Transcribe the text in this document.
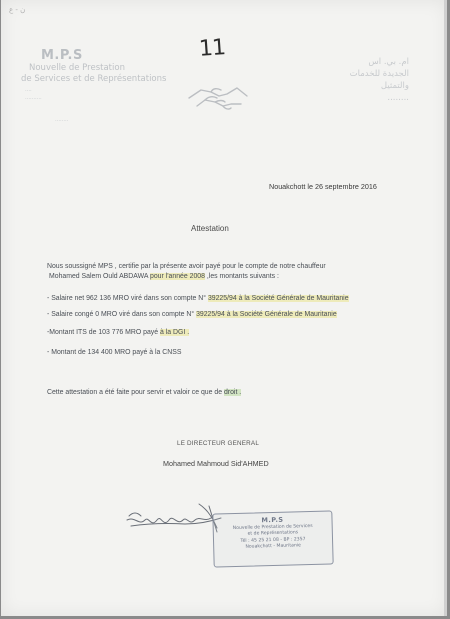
ن - ع
11
M.P.S
Nouvelle de Prestation
de Services et de Représentations
....
..........
........
ام. بي. اس
الجديدة للخدمات
والتمثيل
........
Nouakchott le 26 septembre 2016
Attestation
Nous soussigné MPS , certifie par la présente avoir payé pour le compte de notre chauffeur
Mohamed Salem Ould ABDAWA pour l'année 2008 ,les montants suivants :
- Salaire net 962 136 MRO viré dans son compte N° 39225/94 à la Société Générale de Mauritanie
- Salaire congé 0 MRO viré dans son compte N° 39225/94 à la Société Générale de Mauritanie
-Montant ITS de 103 776 MRO payé à la DGI .
- Montant de 134 400 MRO payé à la CNSS
Cette attestation a été faite pour servir et valoir ce que de droit .
LE DIRECTEUR GENERAL
Mohamed Mahmoud Sid'AHMED
M.P.S
Nouvelle de Prestation de Services
et de Représentations
Tél : 45 25 21 08 - BP : 2357
Nouakchott - Mauritanie
